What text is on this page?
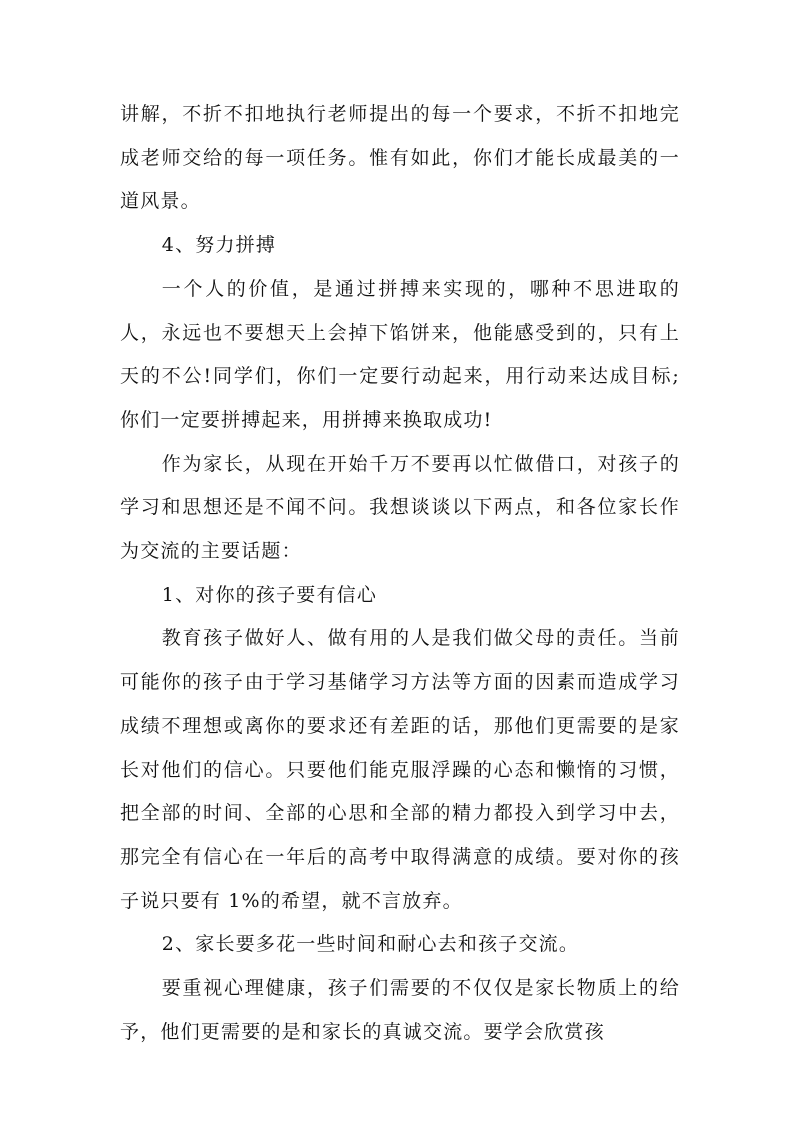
讲解，不折不扣地执行老师提出的每一个要求，不折不扣地完成老师交给的每一项任务。惟有如此，你们才能长成最美的一道风景。

4、努力拼搏

一个人的价值，是通过拼搏来实现的，哪种不思进取的人，永远也不要想天上会掉下馅饼来，他能感受到的，只有上天的不公!同学们，你们一定要行动起来，用行动来达成目标;你们一定要拼搏起来，用拼搏来换取成功!

作为家长，从现在开始千万不要再以忙做借口，对孩子的学习和思想还是不闻不问。我想谈谈以下两点，和各位家长作为交流的主要话题：

1、对你的孩子要有信心

教育孩子做好人、做有用的人是我们做父母的责任。当前可能你的孩子由于学习基储学习方法等方面的因素而造成学习成绩不理想或离你的要求还有差距的话，那他们更需要的是家长对他们的信心。只要他们能克服浮躁的心态和懒惰的习惯，把全部的时间、全部的心思和全部的精力都投入到学习中去，那完全有信心在一年后的高考中取得满意的成绩。要对你的孩子说只要有 1%的希望，就不言放弃。

2、家长要多花一些时间和耐心去和孩子交流。

要重视心理健康，孩子们需要的不仅仅是家长物质上的给予，他们更需要的是和家长的真诚交流。要学会欣赏孩
